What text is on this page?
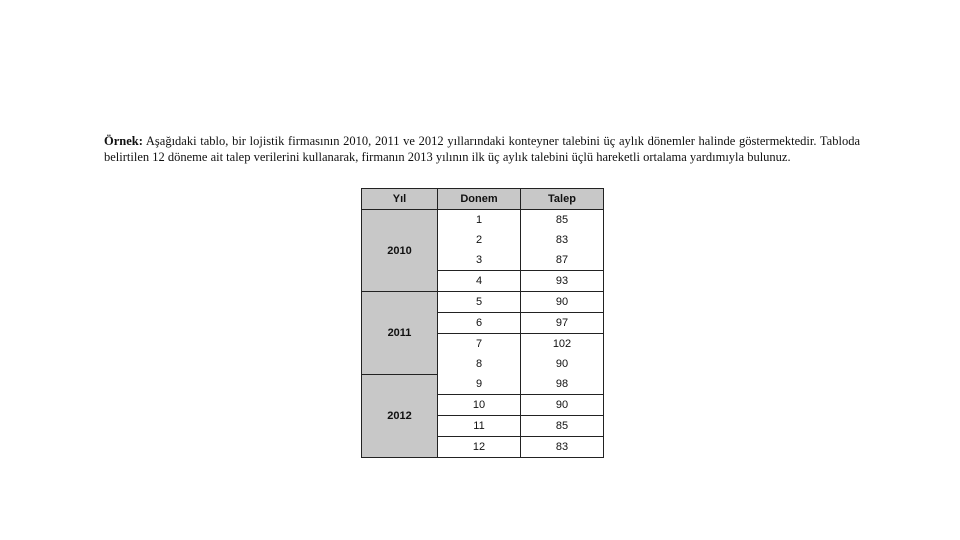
Örnek: Aşağıdaki tablo, bir lojistik firmasının 2010, 2011 ve 2012 yıllarındaki konteyner talebini üç aylık dönemler halinde göstermektedir. Tabloda belirtilen 12 döneme ait talep verilerini kullanarak, firmanın 2013 yılının ilk üç aylık talebini üçlü hareketli ortalama yardımıyla bulunuz.

Yıl	Donem	Talep
2010	1	85
	2	83
	3	87
	4	93
2011	5	90
	6	97
	7	102
	8	90
2012	9	98
	10	90
	11	85
	12	83
